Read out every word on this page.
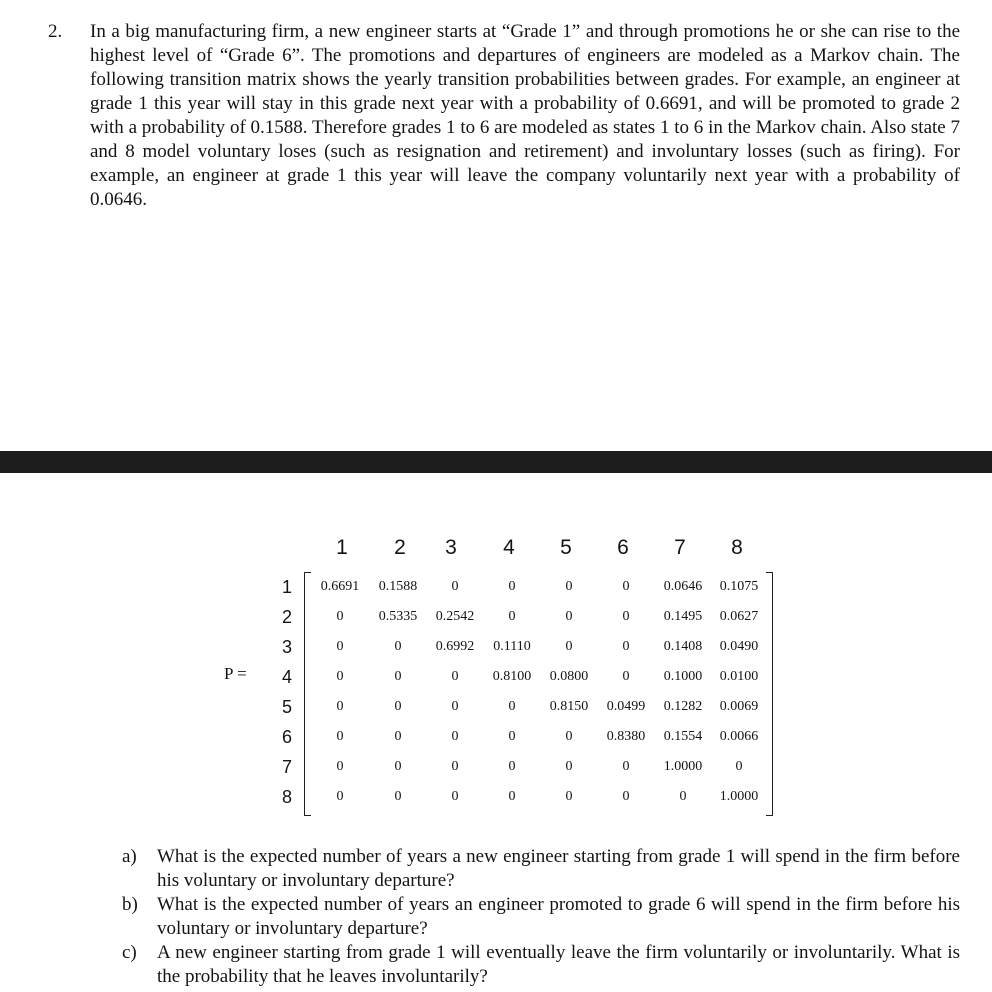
2. In a big manufacturing firm, a new engineer starts at “Grade 1” and through promotions he or she can rise to the highest level of “Grade 6”. The promotions and departures of engineers are modeled as a Markov chain. The following transition matrix shows the yearly transition probabilities between grades. For example, an engineer at grade 1 this year will stay in this grade next year with a probability of 0.6691, and will be promoted to grade 2 with a probability of 0.1588. Therefore grades 1 to 6 are modeled as states 1 to 6 in the Markov chain. Also state 7 and 8 model voluntary loses (such as resignation and retirement) and involuntary losses (such as firing). For example, an engineer at grade 1 this year will leave the company voluntarily next year with a probability of 0.0646.

1	2	3	4	5	6	7	8
1
2
3
4
5
6
7
8
P =
0.6691	0.1588	0	0	0	0	0.0646	0.1075
0	0.5335	0.2542	0	0	0	0.1495	0.0627
0	0	0.6992	0.1110	0	0	0.1408	0.0490
0	0	0	0.8100	0.0800	0	0.1000	0.0100
0	0	0	0	0.8150	0.0499	0.1282	0.0069
0	0	0	0	0	0.8380	0.1554	0.0066
0	0	0	0	0	0	1.0000	0
0	0	0	0	0	0	0	1.0000
a) What is the expected number of years a new engineer starting from grade 1 will spend in the firm before his voluntary or involuntary departure?

b) What is the expected number of years an engineer promoted to grade 6 will spend in the firm before his voluntary or involuntary departure?

c) A new engineer starting from grade 1 will eventually leave the firm voluntarily or involuntarily. What is the probability that he leaves involuntarily?
